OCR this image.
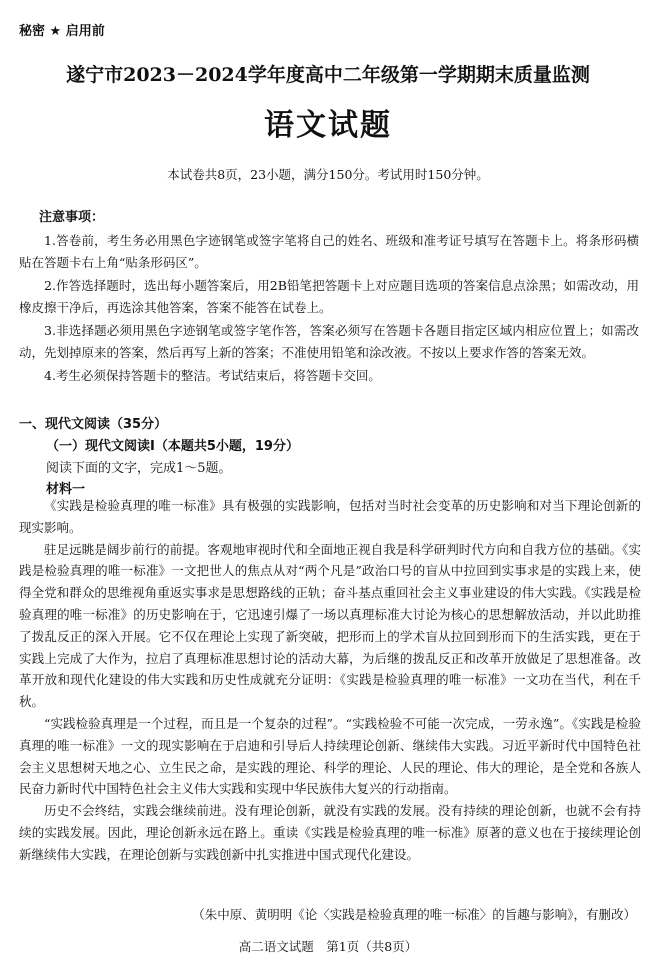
秘密 ★ 启用前
遂宁市2023－2024学年度高中二年级第一学期期末质量监测
语文试题
本试卷共8页，23小题，满分150分。考试用时150分钟。
注意事项：

1.答卷前，考生务必用黑色字迹钢笔或签字笔将自己的姓名、班级和准考证号填写在答题卡上。将条形码横贴在答题卡右上角“贴条形码区”。

2.作答选择题时，选出每小题答案后，用2B铅笔把答题卡上对应题目选项的答案信息点涂黑；如需改动，用橡皮擦干净后，再选涂其他答案，答案不能答在试卷上。

3.非选择题必须用黑色字迹钢笔或签字笔作答，答案必须写在答题卡各题目指定区域内相应位置上；如需改动，先划掉原来的答案，然后再写上新的答案；不准使用铅笔和涂改液。不按以上要求作答的答案无效。

4.考生必须保持答题卡的整洁。考试结束后，将答题卡交回。

一、现代文阅读（35分）
（一）现代文阅读Ⅰ（本题共5小题，19分）
阅读下面的文字，完成1～5题。
材料一

《实践是检验真理的唯一标准》具有极强的实践影响，包括对当时社会变革的历史影响和对当下理论创新的现实影响。

驻足远眺是阔步前行的前提。客观地审视时代和全面地正视自我是科学研判时代方向和自我方位的基础。《实践是检验真理的唯一标准》一文把世人的焦点从对“两个凡是”政治口号的盲从中拉回到实事求是的实践上来，使得全党和群众的思维视角重返实事求是思想路线的正轨；奋斗基点重回社会主义事业建设的伟大实践。《实践是检验真理的唯一标准》的历史影响在于，它迅速引爆了一场以真理标准大讨论为核心的思想解放活动，并以此助推了拨乱反正的深入开展。它不仅在理论上实现了新突破，把形而上的学术盲从拉回到形而下的生活实践，更在于实践上完成了大作为，拉启了真理标准思想讨论的活动大幕，为后继的拨乱反正和改革开放做足了思想准备。改革开放和现代化建设的伟大实践和历史性成就充分证明：《实践是检验真理的唯一标准》一文功在当代，利在千秋。

“实践检验真理是一个过程，而且是一个复杂的过程”。“实践检验不可能一次完成，一劳永逸”。《实践是检验真理的唯一标准》一文的现实影响在于启迪和引导后人持续理论创新、继续伟大实践。习近平新时代中国特色社会主义思想树天地之心、立生民之命，是实践的理论、科学的理论、人民的理论、伟大的理论，是全党和各族人民奋力新时代中国特色社会主义伟大实践和实现中华民族伟大复兴的行动指南。

历史不会终结，实践会继续前进。没有理论创新，就没有实践的发展。没有持续的理论创新，也就不会有持续的实践发展。因此，理论创新永远在路上。重读《实践是检验真理的唯一标准》原著的意义也在于接续理论创新继续伟大实践，在理论创新与实践创新中扎实推进中国式现代化建设。

（朱中原、黄明明《论〈实践是检验真理的唯一标准〉的旨趣与影响》，有删改）
高二语文试题　第1页（共8页）
